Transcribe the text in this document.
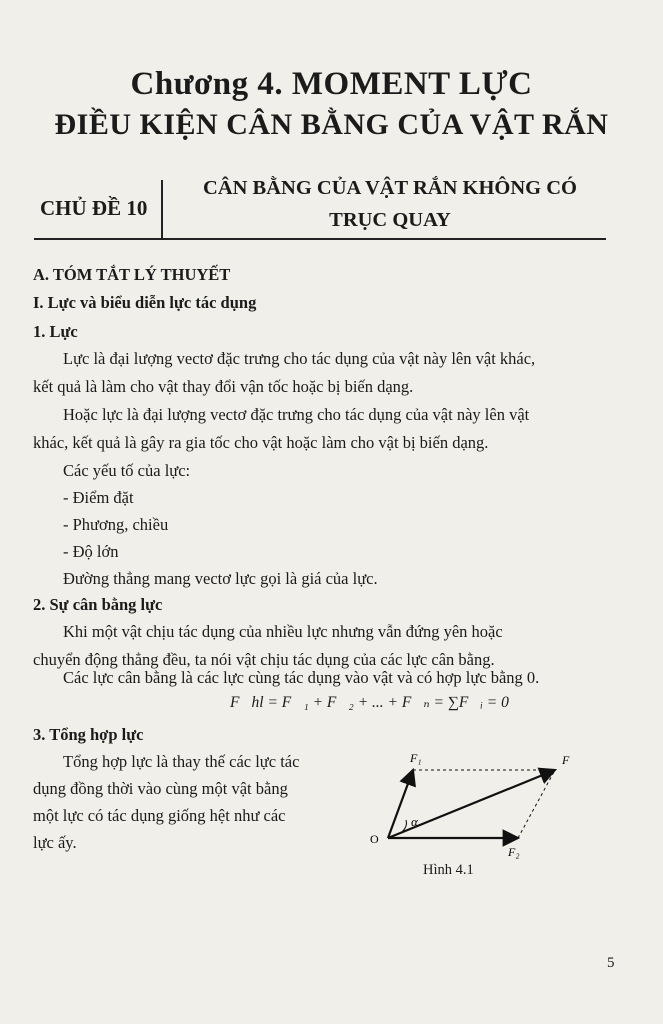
Chương 4. MOMENT LỰC
ĐIỀU KIỆN CÂN BẰNG CỦA VẬT RẮN
CHỦ ĐỀ 10
CÂN BẰNG CỦA VẬT RẮN KHÔNG CÓ
TRỤC QUAY
A. TÓM TẮT LÝ THUYẾT
I. Lực và biểu diễn lực tác dụng
1. Lực
Lực là đại lượng vectơ đặc trưng cho tác dụng của vật này lên vật khác,
kết quả là làm cho vật thay đổi vận tốc hoặc bị biến dạng.
Hoặc lực là đại lượng vectơ đặc trưng cho tác dụng của vật này lên vật
khác, kết quả là gây ra gia tốc cho vật hoặc làm cho vật bị biến dạng.
Các yếu tố của lực:
- Điểm đặt
- Phương, chiều
- Độ lớn
Đường thẳng mang vectơ lực gọi là giá của lực.
2. Sự cân bằng lực
Khi một vật chịu tác dụng của nhiều lực nhưng vẫn đứng yên hoặc
chuyển động thẳng đều, ta nói vật chịu tác dụng của các lực cân bằng.
Các lực cân bằng là các lực cùng tác dụng vào vật và có hợp lực bằng 0.
F⃗hl = F⃗₁ + F⃗₂ + ... + F⃗ₙ = ∑F⃗ᵢ = 0⃗
3. Tổng hợp lực
Tổng hợp lực là thay thế các lực tác
dụng đồng thời vào cùng một vật bằng
một lực có tác dụng giống hệt như các
lực ấy.
F₁
F₂
F
α
O
Hình 4.1
5
